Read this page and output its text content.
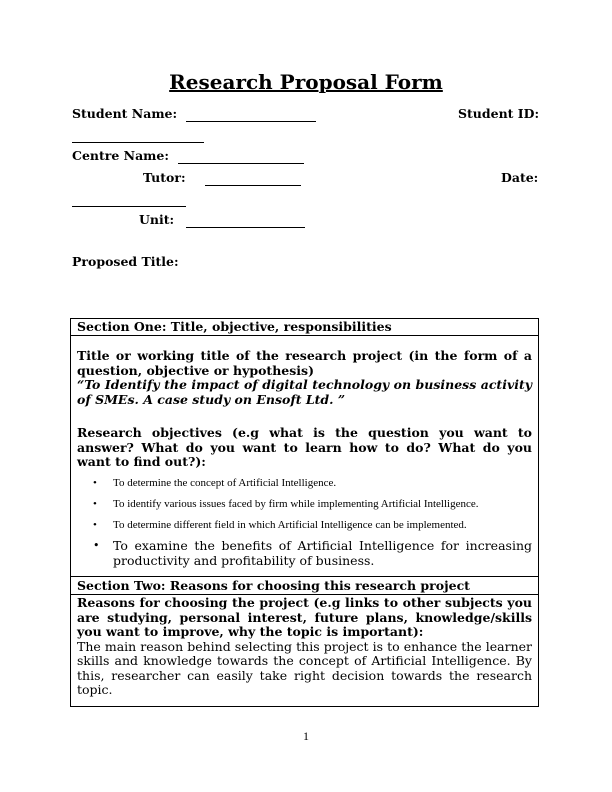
Research Proposal Form
Student Name:	Student ID:
Centre Name:
Tutor:	Date:
Unit:
Proposed Title:
Section One: Title, objective, responsibilities

Title or working title of the research project (in the form of a question, objective or hypothesis)

“To Identify the impact of digital technology on business activity of SMEs. A case study on Ensoft Ltd. ”

Research objectives (e.g what is the question you want to answer? What do you want to learn how to do? What do you want to find out?):

• To determine the concept of Artificial Intelligence.
• To identify various issues faced by firm while implementing Artificial Intelligence.
• To determine different field in which Artificial Intelligence can be implemented.
• To examine the benefits of Artificial Intelligence for increasing productivity and profitability of business.
Section Two: Reasons for choosing this research project

Reasons for choosing the project (e.g links to other subjects you are studying, personal interest, future plans, knowledge/skills you want to improve, why the topic is important):

The main reason behind selecting this project is to enhance the learner skills and knowledge towards the concept of Artificial Intelligence. By this, researcher can easily take right decision towards the research topic.

1
